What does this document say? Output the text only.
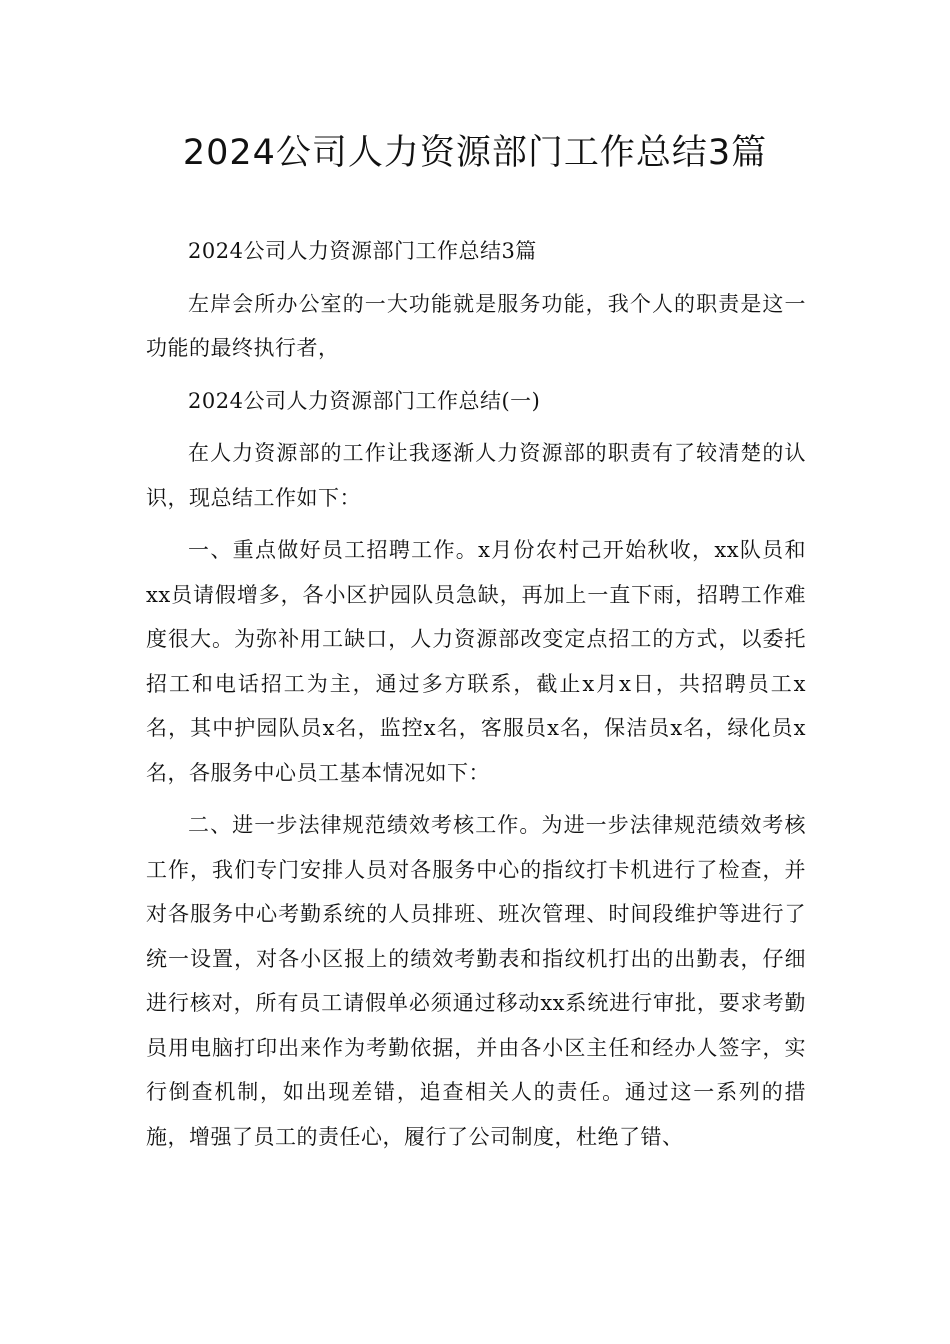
2024公司人力资源部门工作总结3篇

2024公司人力资源部门工作总结3篇

左岸会所办公室的一大功能就是服务功能，我个人的职责是这一功能的最终执行者，

2024公司人力资源部门工作总结(一)

在人力资源部的工作让我逐渐人力资源部的职责有了较清楚的认识，现总结工作如下：

一、重点做好员工招聘工作。x月份农村己开始秋收，xx队员和xx员请假增多，各小区护园队员急缺，再加上一直下雨，招聘工作难度很大。为弥补用工缺口，人力资源部改变定点招工的方式，以委托招工和电话招工为主，通过多方联系，截止x月x日，共招聘员工x名，其中护园队员x名，监控x名，客服员x名，保洁员x名，绿化员x名，各服务中心员工基本情况如下：

二、进一步法律规范绩效考核工作。为进一步法律规范绩效考核工作，我们专门安排人员对各服务中心的指纹打卡机进行了检查，并对各服务中心考勤系统的人员排班、班次管理、时间段维护等进行了统一设置，对各小区报上的绩效考勤表和指纹机打出的出勤表，仔细进行核对，所有员工请假单必须通过移动xx系统进行审批，要求考勤员用电脑打印出来作为考勤依据，并由各小区主任和经办人签字，实行倒查机制，如出现差错，追查相关人的责任。通过这一系列的措施，增强了员工的责任心，履行了公司制度，杜绝了错、
